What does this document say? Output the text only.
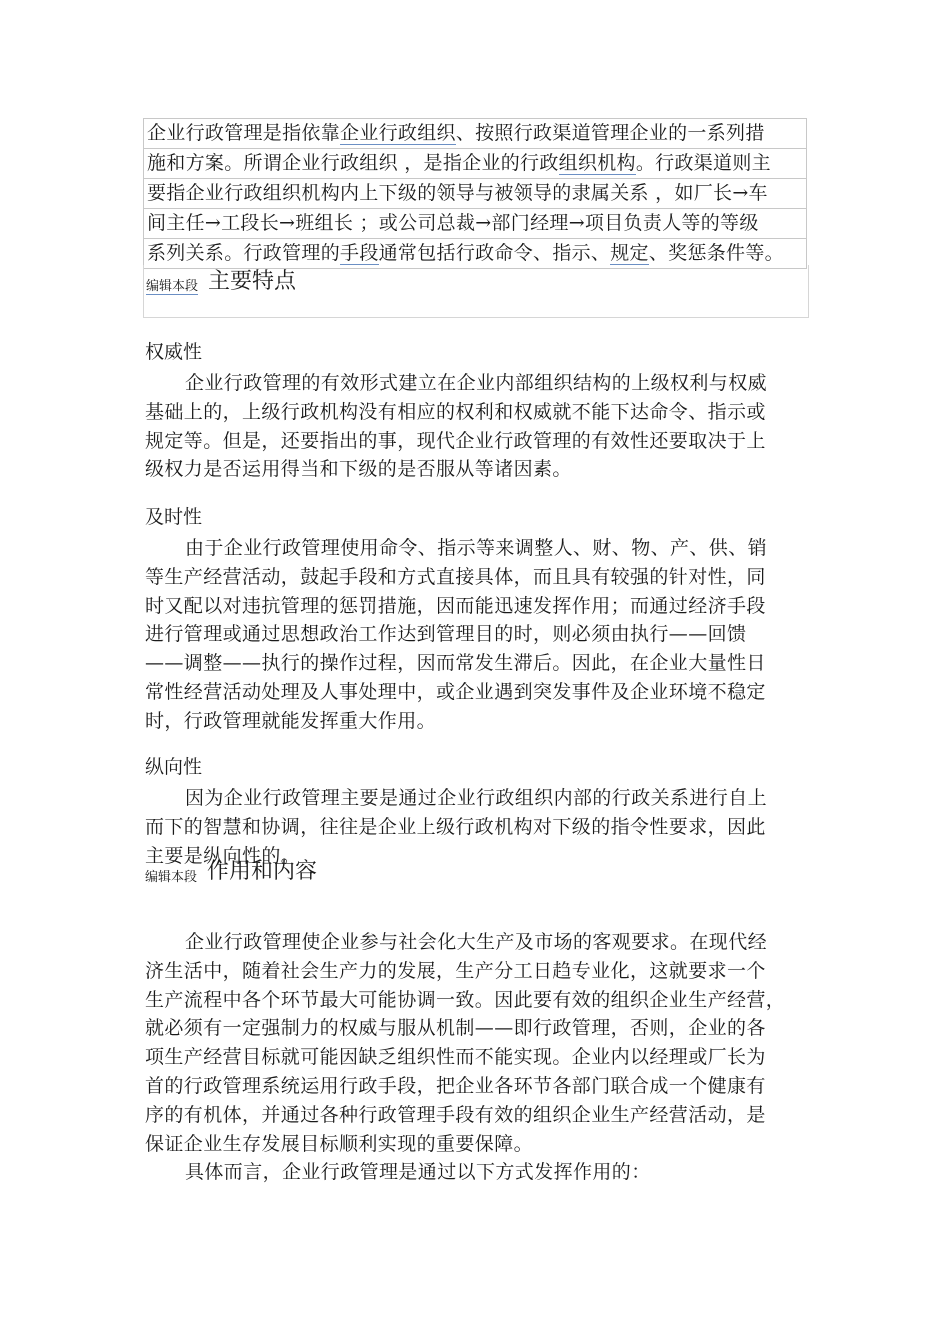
企业行政管理是指依靠企业行政组织、按照行政渠道管理企业的一系列措
施和方案。所谓企业行政组织 ，是指企业的行政组织机构。行政渠道则主
要指企业行政组织机构内上下级的领导与被领导的隶属关系 ，如厂长→车
间主任→工段长→班组长 ；或公司总裁→部门经理→项目负责人等的等级
系列关系。行政管理的手段通常包括行政命令、指示、规定、奖惩条件等。
编辑本段 主要特点
权威性
企业行政管理的有效形式建立在企业内部组织结构的上级权利与权威
基础上的，上级行政机构没有相应的权利和权威就不能下达命令、指示或
规定等。但是，还要指出的事，现代企业行政管理的有效性还要取决于上
级权力是否运用得当和下级的是否服从等诸因素。
及时性
由于企业行政管理使用命令、指示等来调整人、财、物、产、供、销
等生产经营活动，鼓起手段和方式直接具体，而且具有较强的针对性，同
时又配以对违抗管理的惩罚措施，因而能迅速发挥作用；而通过经济手段
进行管理或通过思想政治工作达到管理目的时，则必须由执行——回馈
——调整——执行的操作过程，因而常发生滞后。因此，在企业大量性日
常性经营活动处理及人事处理中，或企业遇到突发事件及企业环境不稳定
时，行政管理就能发挥重大作用。
纵向性
因为企业行政管理主要是通过企业行政组织内部的行政关系进行自上
而下的智慧和协调，往往是企业上级行政机构对下级的指令性要求，因此
主要是纵向性的。
编辑本段 作用和内容
企业行政管理使企业参与社会化大生产及市场的客观要求。在现代经
济生活中，随着社会生产力的发展，生产分工日趋专业化，这就要求一个
生产流程中各个环节最大可能协调一致。因此要有效的组织企业生产经营，
就必须有一定强制力的权威与服从机制——即行政管理，否则，企业的各
项生产经营目标就可能因缺乏组织性而不能实现。企业内以经理或厂长为
首的行政管理系统运用行政手段，把企业各环节各部门联合成一个健康有
序的有机体，并通过各种行政管理手段有效的组织企业生产经营活动，是
保证企业生存发展目标顺利实现的重要保障。
具体而言，企业行政管理是通过以下方式发挥作用的：
